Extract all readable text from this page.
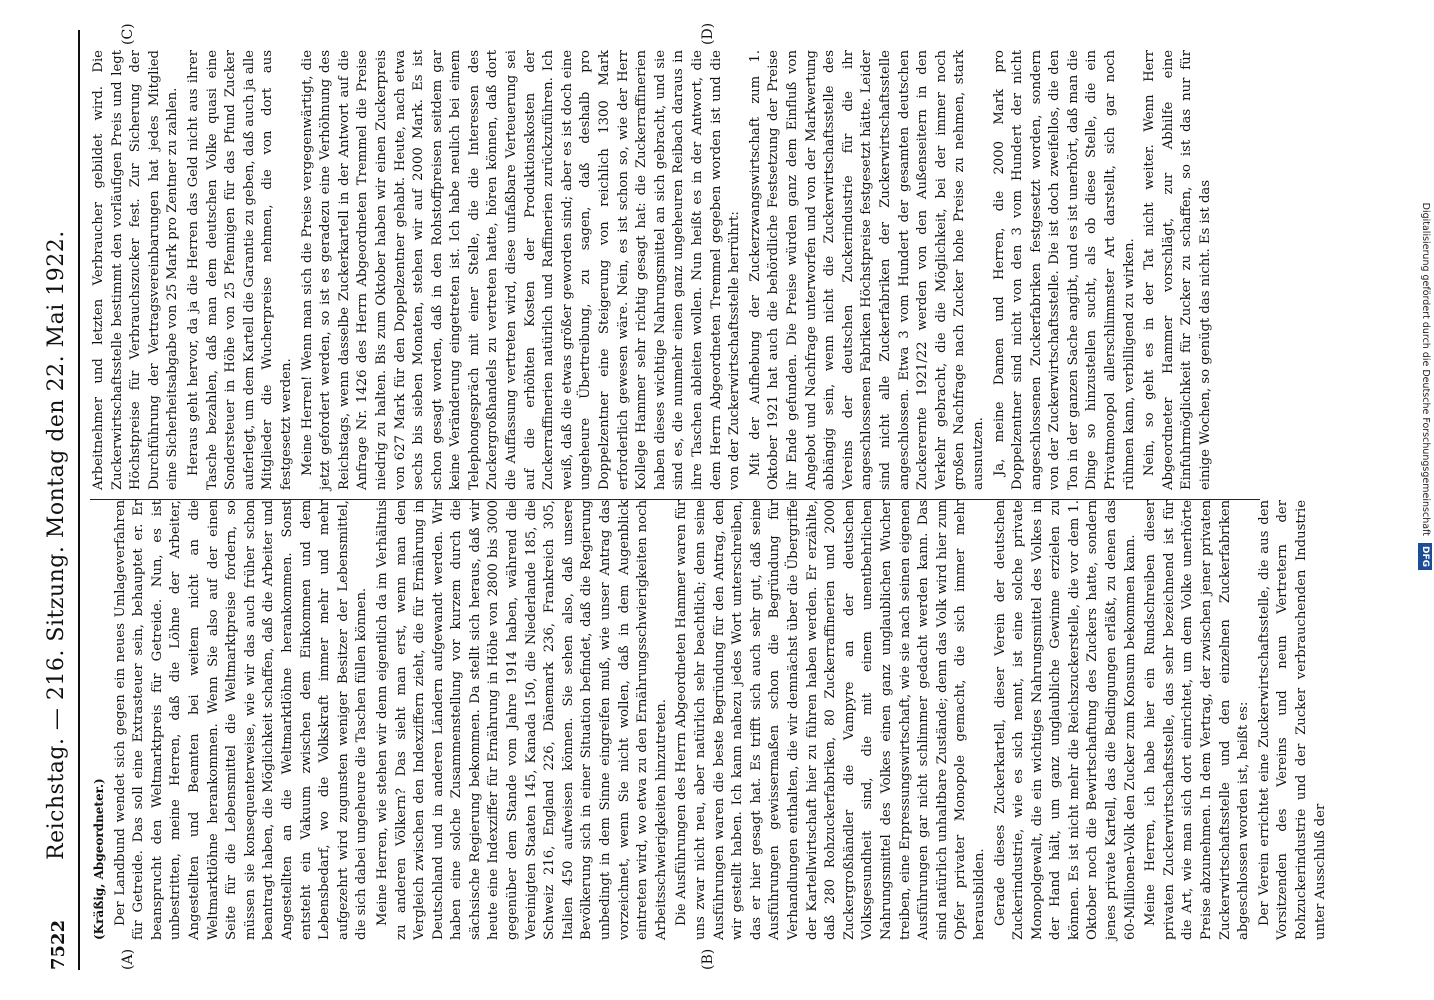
7522
Reichstag. — 216. Sitzung. Montag den 22. Mai 1922.
(A)	(B)
(C)	(D)

(Kräßig, Abgeordneter.) Der Landbund wendet sich gegen ein neues Umlageverfahren für Getreide. Das soll eine Extrasteuer sein, behauptet er. Er beansprucht den Weltmarktpreis für Getreide. Nun, es ist unbestritten, meine Herren, daß die Löhne der Arbeiter, Angestellten und Beamten bei weitem nicht an die Weltmarktlöhne herankommen. Wenn Sie also auf der einen Seite für die Lebensmittel die Weltmarktpreise fordern, so müssen sie konsequenterweise, wie wir das auch früher schon beantragt haben, die Möglichkeit schaffen, daß die Arbeiter und Angestellten an die Weltmarktlöhne herankommen. Sonst entsteht ein Vakuum zwischen dem Einkommen und dem Lebensbedarf, wo die Volkskraft immer mehr und mehr aufgezehrt wird zugunsten weniger Besitzer der Lebensmittel, die sich dabei ungeheure die Taschen füllen können. Meine Herren, wie stehen wir denn eigentlich da im Verhältnis zu anderen Völkern? Das sieht man erst, wenn man den Vergleich zwischen den Indexziffern zieht, die für Ernährung in Deutschland und in anderen Ländern aufgewandt werden. Wir haben eine solche Zusammenstellung vor kurzem durch die sächsische Regierung bekommen. Da stellt sich heraus, daß wir heute eine Indexziffer für Ernährung in Höhe von 2800 bis 3000 gegenüber dem Stande vom Jahre 1914 haben, während die Vereinigten Staaten 145, Kanada 150, die Niederlande 185, die Schweiz 216, England 226, Dänemark 236, Frankreich 305, Italien 450 aufweisen können. Sie sehen also, daß unsere Bevölkerung sich in einer Situation befindet, daß die Regierung unbedingt in dem Sinne eingreifen muß, wie unser Antrag das vorzeichnet, wenn Sie nicht wollen, daß in dem Augenblick eintreten wird, wo etwa zu den Ernährungsschwierigkeiten noch Arbeitsschwierigkeiten hinzutreten. Die Ausführungen des Herrn Abgeordneten Hammer waren für uns zwar nicht neu, aber natürlich sehr beachtlich; denn seine Ausführungen waren die beste Begründung für den Antrag, den wir gestellt haben. Ich kann nahezu jedes Wort unterschreiben, das er hier gesagt hat. Es trifft sich auch sehr gut, daß seine Ausführungen gewissermaßen schon die Begründung für Verhandlungen enthalten, die wir demnächst über die Übergriffe der Kartellwirtschaft hier zu führen haben werden. Er erzählte, daß 280 Rohzuckerfabriken, 80 Zuckerraffinerien und 2000 Zuckergroßhändler die Vampyre an der deutschen Volksgesundheit sind, die mit einem unentbehrlichen Nahrungsmittel des Volkes einen ganz unglaublichen Wucher treiben, eine Erpressungswirtschaft, wie sie nach seinen eigenen Ausführungen gar nicht schlimmer gedacht werden kann. Das sind natürlich unhaltbare Zustände; denn das Volk wird hier zum Opfer privater Monopole gemacht, die sich immer mehr herausbilden. Gerade dieses Zuckerkartell, dieser Verein der deutschen Zuckerindustrie, wie es sich nennt, ist eine solche private Monopolgewalt, die ein wichtiges Nahrungsmittel des Volkes in der Hand hält, um ganz unglaubliche Gewinne erzielen zu können. Es ist nicht mehr die Reichszuckerstelle, die vor dem 1. Oktober noch die Bewirtschaftung des Zuckers hatte, sondern jenes private Kartell, das die Bedingungen erläßt, zu denen das 60-Millionen-Volk den Zucker zum Konsum bekommen kann. Meine Herren, ich habe hier ein Rundschreiben dieser privaten Zuckerwirtschaftsstelle, das sehr bezeichnend ist für die Art, wie man sich dort einrichtet, um dem Volke unerhörte Preise abzunehmen. In dem Vertrag, der zwischen jener privaten Zuckerwirtschaftsstelle und den einzelnen Zuckerfabriken abgeschlossen worden ist, heißt es: Der Verein errichtet eine Zuckerwirtschaftsstelle, die aus den Vorsitzenden des Vereins und neun Vertretern der Rohzuckerindustrie und der Zucker verbrauchenden Industrie unter Ausschluß der

Arbeitnehmer und letzten Verbraucher gebildet wird. Die Zuckerwirtschaftsstelle bestimmt den vorläufigen Preis und legt Höchstpreise für Verbrauchszucker fest. Zur Sicherung der Durchführung der Vertragsvereinbarungen hat jedes Mitglied eine Sicherheitsabgabe von 25 Mark pro Zentner zu zahlen. Heraus geht hervor, da ja die Herren das Geld nicht aus ihrer Tasche bezahlen, daß man dem deutschen Volke quasi eine Sondersteuer in Höhe von 25 Pfennigen für das Pfund Zucker auferlegt, um dem Kartell die Garantie zu geben, daß auch ja alle Mitglieder die Wucherpreise nehmen, die von dort aus festgesetzt werden. Meine Herren! Wenn man sich die Preise vergegenwärtigt, die jetzt gefordert werden, so ist es geradezu eine Verhöhnung des Reichstags, wenn dasselbe Zuckerkartell in der Antwort auf die Anfrage Nr. 1426 des Herrn Abgeordneten Tremmel die Preise niedrig zu halten. Bis zum Oktober haben wir einen Zuckerpreis von 627 Mark für den Doppelzentner gehabt. Heute, nach etwa sechs bis sieben Monaten, stehen wir auf 2000 Mark. Es ist schon gesagt worden, daß in den Rohstoffpreisen seitdem gar keine Veränderung eingetreten ist. Ich habe neulich bei einem Telephongespräch mit einer Stelle, die die Interessen des Zuckergroßhandels zu vertreten hatte, hören können, daß dort die Auffassung vertreten wird, diese unfaßbare Verteuerung sei auf die erhöhten Kosten der Produktionskosten der Zuckerraffinerien natürlich und Raffinerien zurückzuführen. Ich weiß, daß die etwas größer geworden sind; aber es ist doch eine ungeheure Übertreibung, zu sagen, daß deshalb pro Doppelzentner eine Steigerung von reichlich 1300 Mark erforderlich gewesen wäre. Nein, es ist schon so, wie der Herr Kollege Hammer sehr richtig gesagt hat: die Zuckerraffinerien haben dieses wichtige Nahrungsmittel an sich gebracht, und sie sind es, die nunmehr einen ganz ungeheuren Reibach daraus in ihre Taschen ableiten wollen. Nun heißt es in der Antwort, die dem Herrn Abgeordneten Tremmel gegeben worden ist und die von der Zuckerwirtschaftsstelle herrührt: Mit der Aufhebung der Zuckerzwangswirtschaft zum 1. Oktober 1921 hat auch die behördliche Festsetzung der Preise ihr Ende gefunden. Die Preise würden ganz dem Einfluß von Angebot und Nachfrage unterworfen und von der Markwertung abhängig sein, wenn nicht die Zuckerwirtschaftsstelle des Vereins der deutschen Zuckerindustrie für die ihr angeschlossenen Fabriken Höchstpreise festgesetzt hätte. Leider sind nicht alle Zuckerfabriken der Zuckerwirtschaftsstelle angeschlossen. Etwa 3 vom Hundert der gesamten deutschen Zuckerernte 1921/22 werden von den Außenseitern in den Verkehr gebracht, die die Möglichkeit, bei der immer noch großen Nachfrage nach Zucker hohe Preise zu nehmen, stark ausnutzen. Ja, meine Damen und Herren, die 2000 Mark pro Doppelzentner sind nicht von den 3 vom Hundert der nicht angeschlossenen Zuckerfabriken festgesetzt worden, sondern von der Zuckerwirtschaftsstelle. Die ist doch zweifellos, die den Ton in der ganzen Sache angibt, und es ist unerhört, daß man die Dinge so hinzustellen sucht, als ob diese Stelle, die ein Privatmonopol allerschlimmster Art darstellt, sich gar noch rühmen kann, verbilligend zu wirken. Nein, so geht es in der Tat nicht weiter. Wenn Herr Abgeordneter Hammer vorschlägt, zur Abhilfe eine Einfuhrmöglichkeit für Zucker zu schaffen, so ist das nur für einige Wochen, so genügt das nicht. Es ist das	Digitalisierung gefördert durch die Deutsche Forschungsgemeinschaft DFG
